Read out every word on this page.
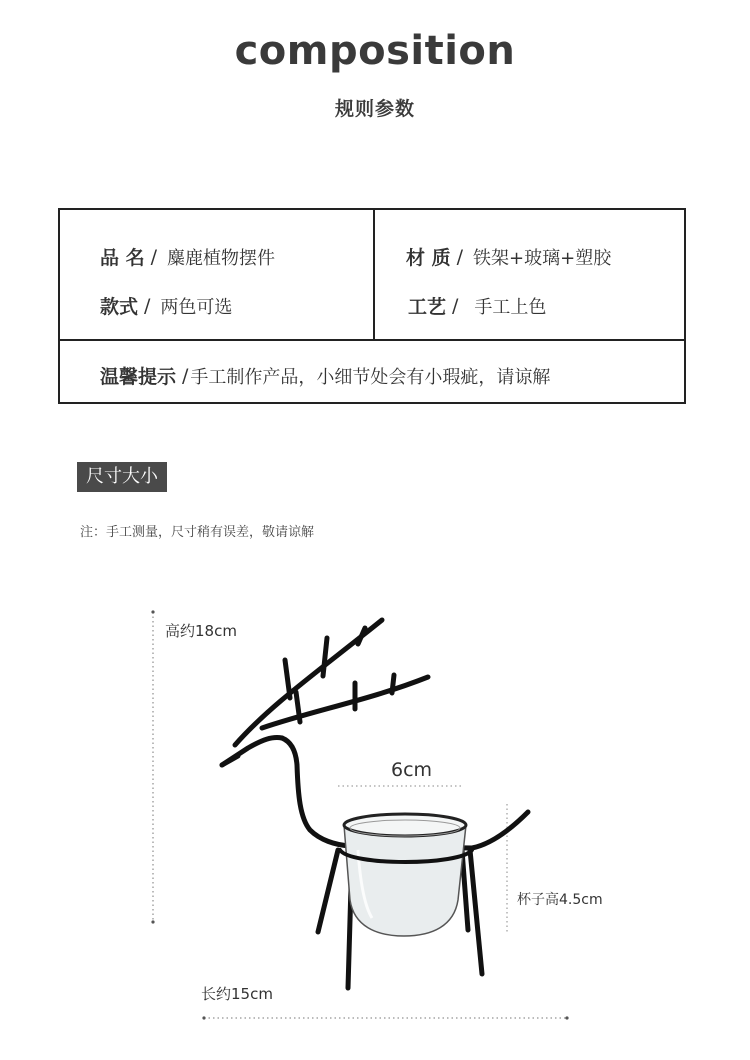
composition
规则参数
品 名 / 麋鹿植物摆件
款式 / 两色可选
材 质 / 铁架+玻璃+塑胶
工艺 / 手工上色
温馨提示 / 手工制作产品，小细节处会有小瑕疵，请谅解
尺寸大小
注：手工测量，尺寸稍有误差，敬请谅解
高约18cm
6cm
杯子高4.5cm
长约15cm
